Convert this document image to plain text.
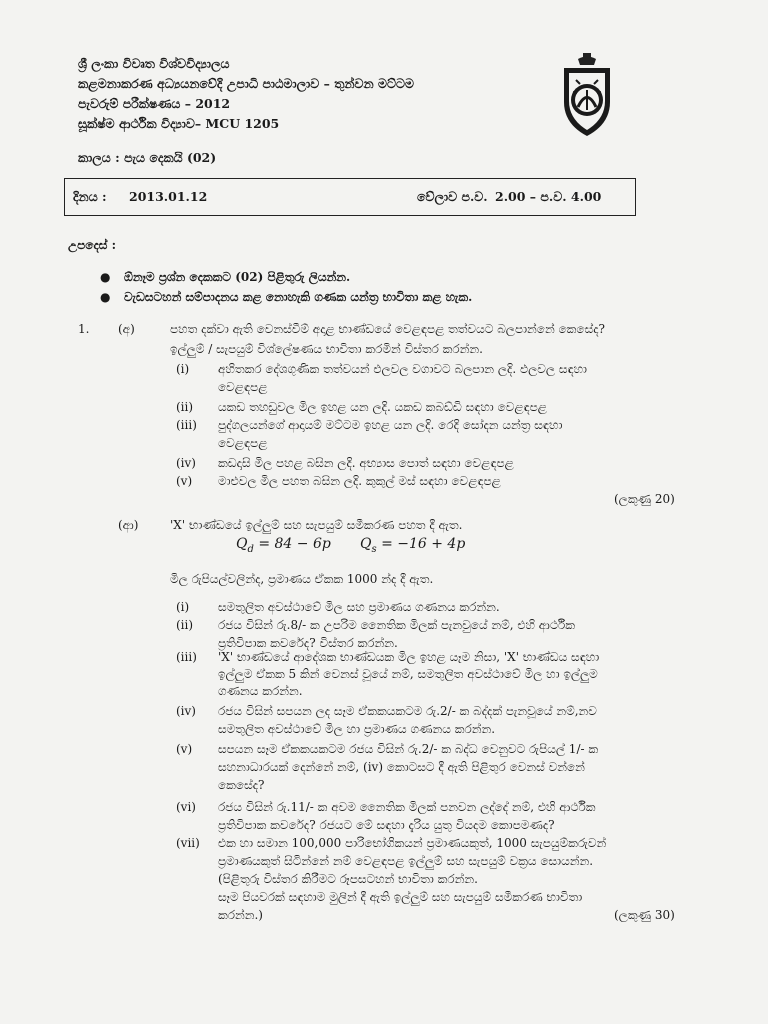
ශ්‍රී ලංකා විවෘත විශ්වවිද්‍යාලය
කළමනාකරණ අධ්‍යයනවේදි උපාධි පාඨමාලාව – තුන්වන මට්ටම
පැවරුම් පරීක්ෂණය – 2012
සූක්ෂ්ම ආර්ථික විද්‍යාව– MCU 1205
කාලය : පැය දෙකයි (02)
දිනය : 2013.01.12	වේලාව ප.ව. 2.00 – ප.ව. 4.00
උපදෙස් :
● ඕනෑම ප්‍රශ්න දෙකකට (02) පිළිතුරු ලියන්න.
● වැඩසටහන් සම්පාදනය කළ නොහැකි ගණක යන්ත්‍ර භාවිතා කළ හැක.
1. (අ)	පහත දක්වා ඇති වෙනස්වීම් අදාළ භාණ්ඩයේ වෙළඳපළ තත්වයට බලපාන්නේ කෙසේද?
ඉල්ලුම් / සැපයුම් විශ්ලේෂණය භාවිතා කරමින් විස්තර කරන්න.
(i) අහිතකර දේශගුණික තත්වයන් ඵලවල වගාවට බලපාන ලදි. ඵලවල සඳහා
වෙළඳපළ
(ii) යකඩ තහඩුවල මිල ඉහළ යන ලදි. යකඩ කබඩ්ඩි සඳහා වෙළඳපළ
(iii) පුද්ගලයන්ගේ ආදායම් මට්ටම ඉහළ යන ලදි. රෙදි සෝදන යන්ත්‍ර සඳහා
වෙළඳපළ
(iv) කඩදාසි මිල පහළ බසින ලදි. අභ්‍යාස පොත් සඳහා වෙළඳපළ
(v) මාළුවල මිල පහත බසින ලදි. කුකුල් මස් සඳහා වෙළඳපළ
(ලකුණු 20)
(ආ)	'X' භාණ්ඩයේ ඉල්ලුම් සහ සැපයුම් සමීකරණ පහත දී ඇත.
$Q_d = 84 - 6p$ $Q_s = -16 + 4p$
මිල රුපියල්වලින්ද, ප්‍රමාණය ඒකක 1000 න්ද දී ඇත.
(i) සමතුලිත අවස්ථාවේ මිල සහ ප්‍රමාණය ගණනය කරන්න.
(ii) රජය විසින් රු.8/- ක උපරිම නෛතික මිලක් පැනවුයේ නම්, එහි ආර්ථික
ප්‍රතිවිපාක කවරේද? විස්තර කරන්න.
(iii) 'X' භාණ්ඩයේ ආදේශක භාණ්ඩයක මිල ඉහළ යෑම නිසා, 'X' භාණ්ඩය සඳහා
ඉල්ලුම ඒකක 5 කින් වෙනස් වූයේ නම්, සමතුලිත අවස්ථාවේ මිල හා ඉල්ලුම
ගණනය කරන්න.
(iv) රජය විසින් සපයන ලද සෑම ඒකකයකටම රු.2/- ක බද්දක් පැනවූයේ නම්,නව
සමතුලිත අවස්ථාවේ මිල හා ප්‍රමාණය ගණනය කරන්න.
(v) සපයන සෑම ඒකකයකටම රජය විසින් රු.2/- ක බද්ධ වෙනුවට රුපියල් 1/- ක
සහනාධාරයක් දෙන්නේ නම්, (iv) කොටසට දී ඇති පිළිතුර වෙනස් වන්නේ
කෙසේද?
(vi) රජය විසින් රු.11/- ක අවම නෛතික මිලක් පනවන ලද්දේ නම්, එහි ආර්ථික
ප්‍රතිවිපාක කවරේද? රජයට මේ සඳහා දැරිය යුතු වියදම කොපමණද?
(vii) එක හා සමාන 100,000 පාරිභෝගිකයන් ප්‍රමාණයකුත්, 1000 සැපයුම්කරුවන්
ප්‍රමාණයකුත් සිටින්නේ නම් වෙළඳපළ ඉල්ලුම් සහ සැපයුම් වක්‍රය සොයන්න.
(පිළිතුරු විස්තර කිරීමට රූපසටහන් භාවිතා කරන්න.
සෑම පියවරක් සඳහාම මුලින් දී ඇති ඉල්ලුම් සහ සැපයුම් සමීකරණ භාවිතා
කරන්න.)	(ලකුණු 30)
